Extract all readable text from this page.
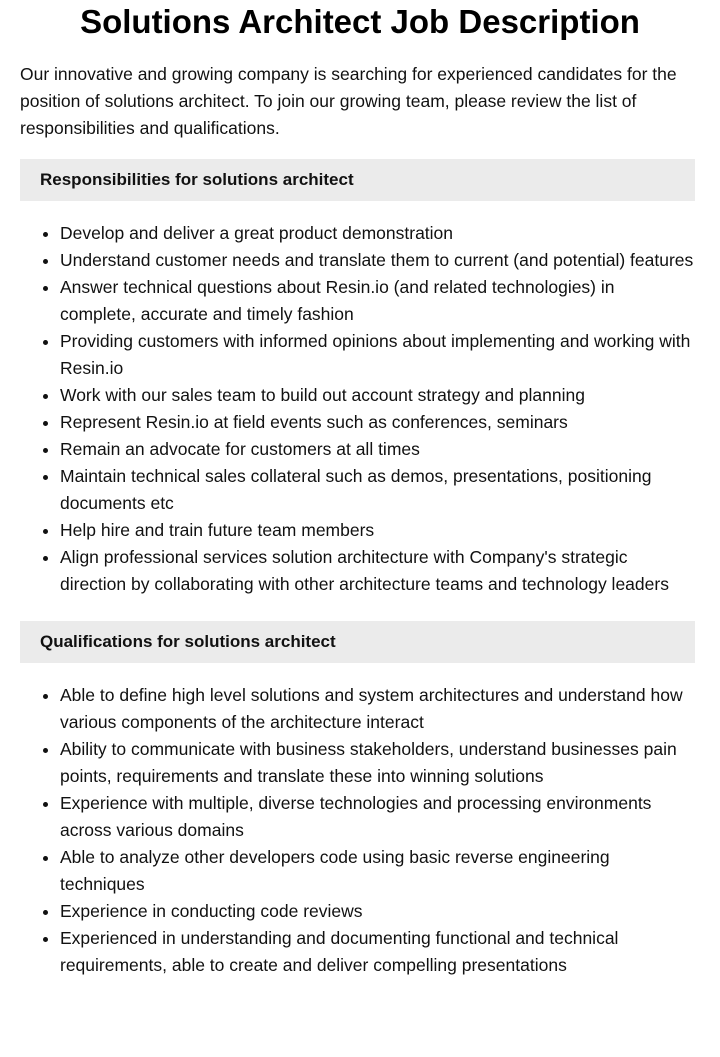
Solutions Architect Job Description

Our innovative and growing company is searching for experienced candidates for the position of solutions architect. To join our growing team, please review the list of responsibilities and qualifications.

Responsibilities for solutions architect
• Develop and deliver a great product demonstration
• Understand customer needs and translate them to current (and potential) features
• Answer technical questions about Resin.io (and related technologies) in complete, accurate and timely fashion
• Providing customers with informed opinions about implementing and working with Resin.io
• Work with our sales team to build out account strategy and planning
• Represent Resin.io at field events such as conferences, seminars
• Remain an advocate for customers at all times
• Maintain technical sales collateral such as demos, presentations, positioning documents etc
• Help hire and train future team members
• Align professional services solution architecture with Company's strategic direction by collaborating with other architecture teams and technology leaders
Qualifications for solutions architect
• Able to define high level solutions and system architectures and understand how various components of the architecture interact
• Ability to communicate with business stakeholders, understand businesses pain points, requirements and translate these into winning solutions
• Experience with multiple, diverse technologies and processing environments across various domains
• Able to analyze other developers code using basic reverse engineering techniques
• Experience in conducting code reviews
• Experienced in understanding and documenting functional and technical requirements, able to create and deliver compelling presentations
